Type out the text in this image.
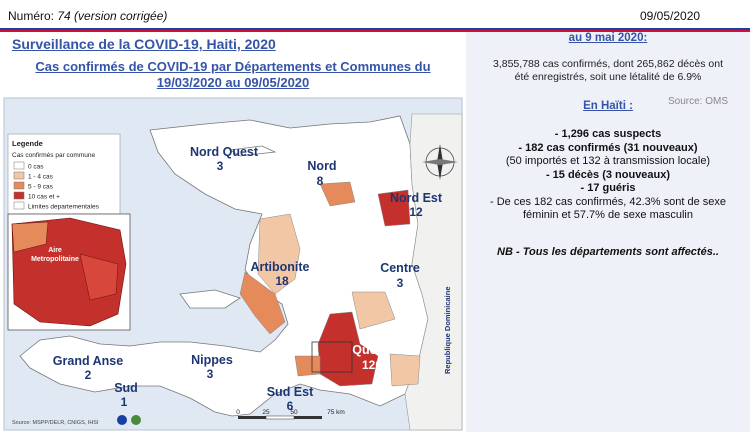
Numéro: 74 (version corrigée)	09/05/2020
Surveillance de la COVID-19, Haiti, 2020
Cas confirmés de COVID-19 par Départements et Communes du
19/03/2020 au 09/05/2020
Legende
Cas confirmés par commune
0 cas
1 - 4 cas
5 - 9 cas
10 cas et +
Limites departementales
Aire
Metropolitaine
Nord Quest
3	Nord
8
Nord Est
12
Artibonite
18
Centre
3
Grand Anse
2
Nippes
3
Quest
126
Sud
1
Sud Est
6
Republique Dominicaine
0	25	50	75 km
Source: MSPP/DELR, CNIGS, IHSI
au 9 mai 2020:
3,855,788 cas confirmés, dont 265,862 décès ont
été enregistrés, soit une létalité de 6.9%
Source: OMS
En Haïti :
- 1,296 cas suspects
- 182 cas confirmés (31 nouveaux)
(50 importés et 132 à transmission locale)
- 15 décès (3 nouveaux)
- 17 guéris
- De ces 182 cas confirmés, 42.3% sont de sexe
féminin et 57.7% de sexe masculin
NB - Tous les départements sont affectés..
